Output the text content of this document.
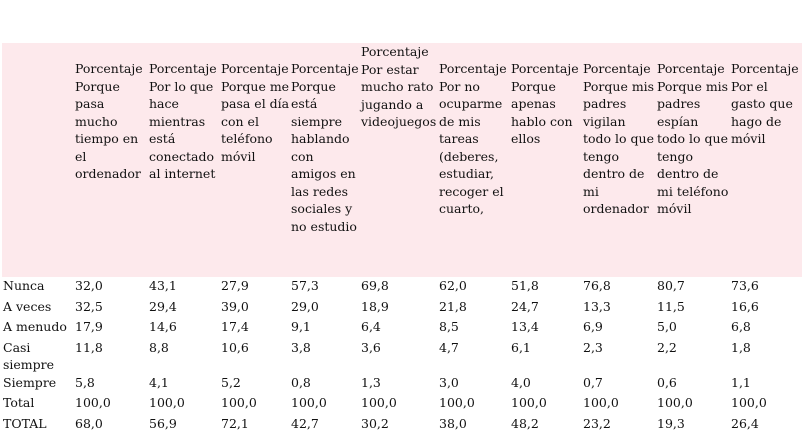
	Porcentaje Porque pasa mucho tiempo en el ordenador	Porcentaje Por lo que hace mientras está conectado al internet	Porcentaje Porque me pasa el día con el teléfono móvil	Porcentaje Porque está siempre hablando con amigos en las redes sociales y no estudio	Porcentaje Por estar mucho rato jugando a videojuegos	Porcentaje Por no ocuparme de mis tareas (deberes, estudiar, recoger el cuarto,	Porcentaje Porque apenas hablo con ellos	Porcentaje Porque mis padres vigilan todo lo que tengo dentro de mi ordenador	Porcentaje Porque mis padres espían todo lo que tengo dentro de mi teléfono móvil	Porcentaje Por el gasto que hago de móvil
Nunca	32,0	43,1	27,9	57,3	69,8	62,0	51,8	76,8	80,7	73,6
A veces	32,5	29,4	39,0	29,0	18,9	21,8	24,7	13,3	11,5	16,6
A menudo	17,9	14,6	17,4	9,1	6,4	8,5	13,4	6,9	5,0	6,8
Casi siempre	11,8	8,8	10,6	3,8	3,6	4,7	6,1	2,3	2,2	1,8
Siempre	5,8	4,1	5,2	0,8	1,3	3,0	4,0	0,7	0,6	1,1
Total	100,0	100,0	100,0	100,0	100,0	100,0	100,0	100,0	100,0	100,0
TOTAL	68,0	56,9	72,1	42,7	30,2	38,0	48,2	23,2	19,3	26,4
